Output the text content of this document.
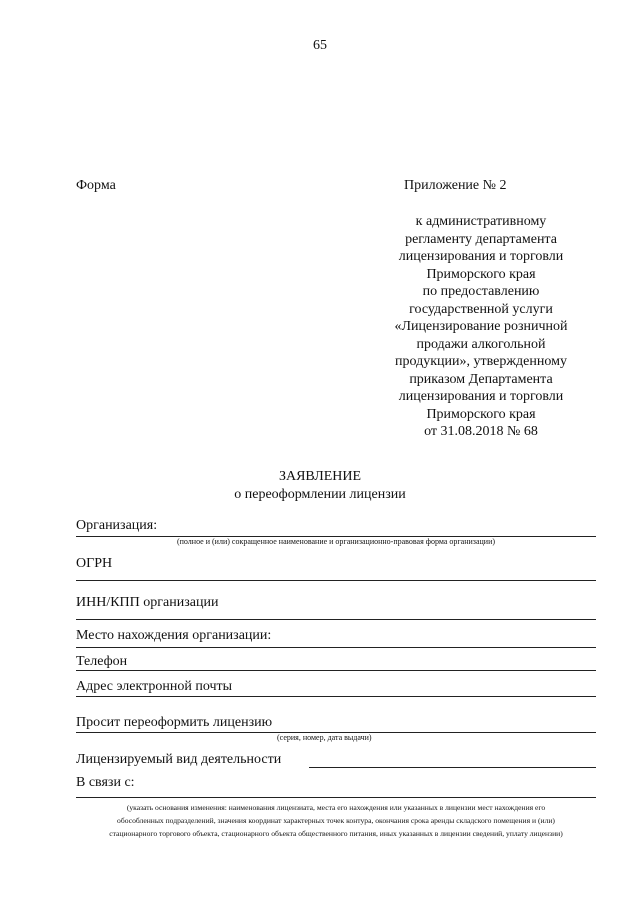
65
Форма	Приложение № 2
к административному
регламенту департамента
лицензирования и торговли
Приморского края
по предоставлению
государственной услуги
«Лицензирование розничной
продажи алкогольной
продукции», утвержденному
приказом Департамента
лицензирования и торговли
Приморского края
от 31.08.2018 № 68
ЗАЯВЛЕНИЕ
о переоформлении лицензии
Организация:
(полное и (или) сокращенное наименование и организационно-правовая форма организации)
ОГРН
ИНН/КПП организации
Место нахождения организации:
Телефон
Адрес электронной почты
Просит переоформить лицензию
(серия, номер, дата выдачи)
Лицензируемый вид деятельности
В связи с:
(указать основания изменения: наименования лицензиата, места его нахождения или указанных в лицензии мест нахождения его
обособленных подразделений, значения координат характерных точек контура, окончания срока аренды складского помещения и (или)
стационарного торгового объекта, стационарного объекта общественного питания, иных указанных в лицензии сведений, уплату лицензии)
